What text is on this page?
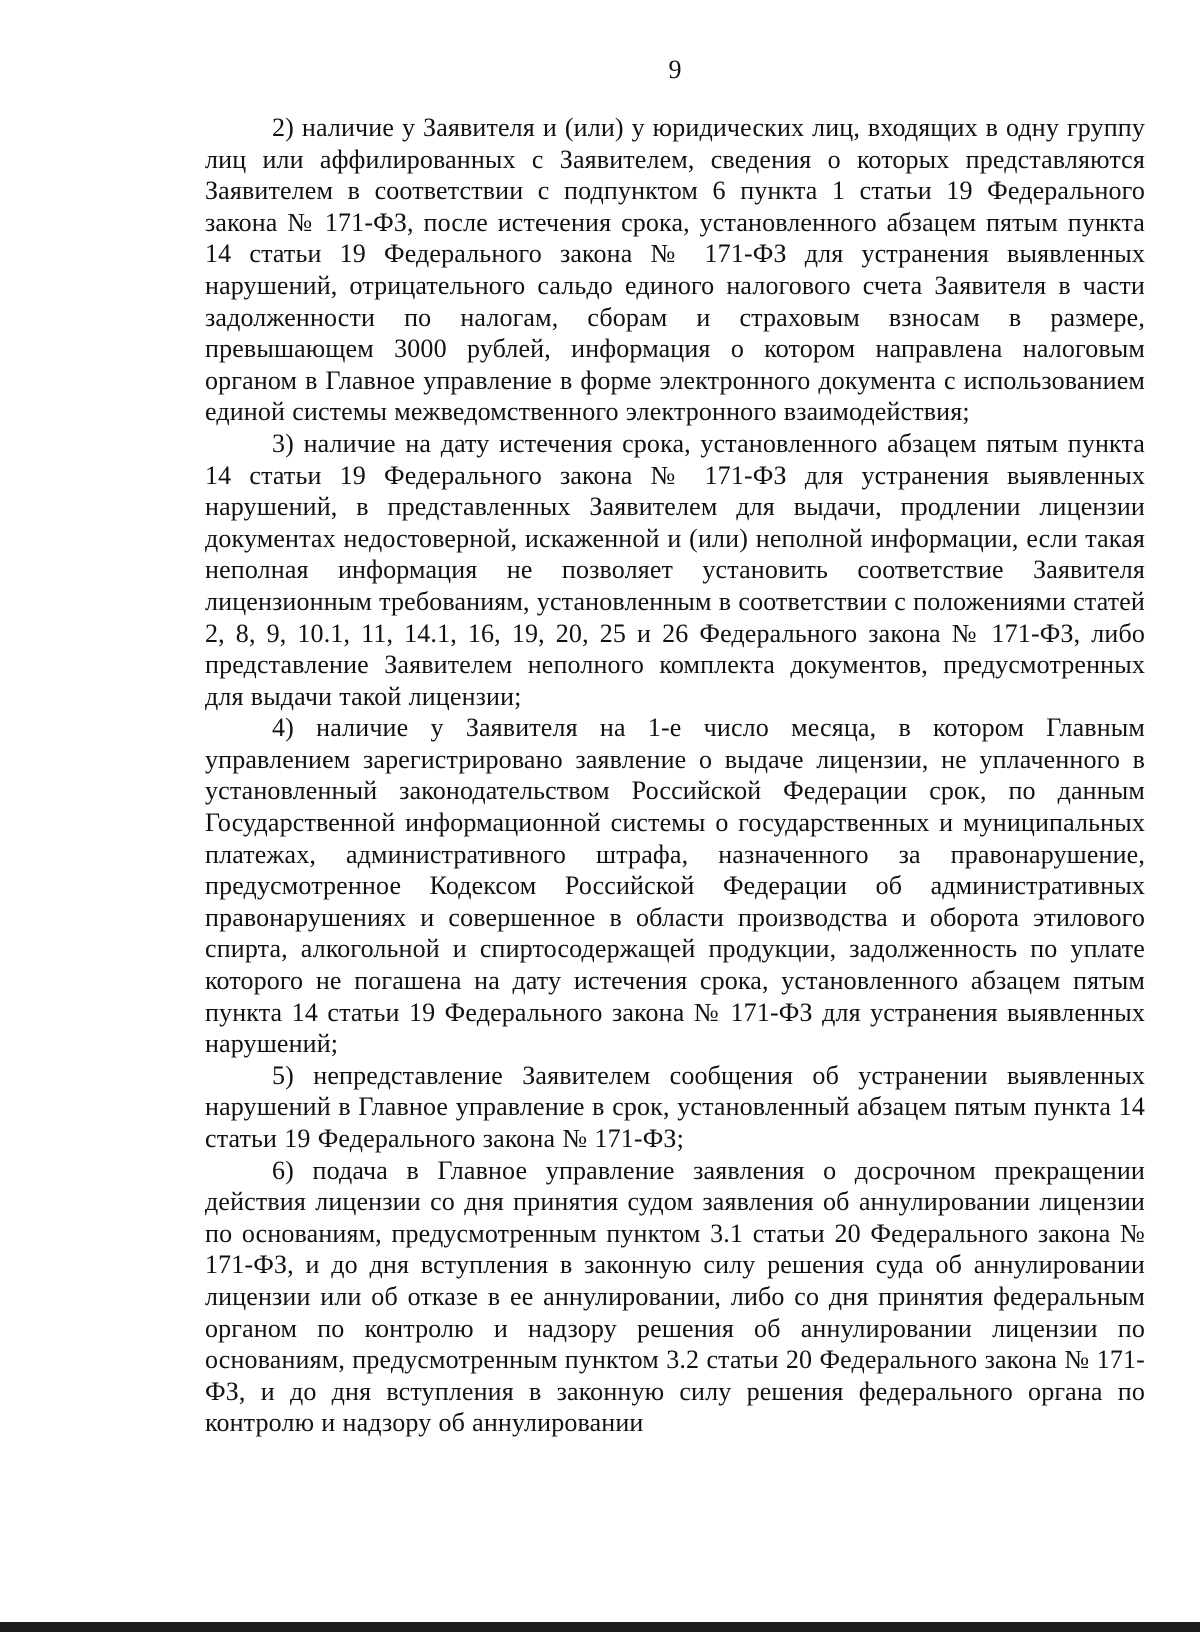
9

2) наличие у Заявителя и (или) у юридических лиц, входящих в одну группу лиц или аффилированных с Заявителем, сведения о которых представляются Заявителем в соответствии с подпунктом 6 пункта 1 статьи 19 Федерального закона № 171-ФЗ, после истечения срока, установленного абзацем пятым пункта 14 статьи 19 Федерального закона № 171-ФЗ для устранения выявленных нарушений, отрицательного сальдо единого налогового счета Заявителя в части задолженности по налогам, сборам и страховым взносам в размере, превышающем 3000 рублей, информация о котором направлена налоговым органом в Главное управление в форме электронного документа с использованием единой системы межведомственного электронного взаимодействия;

3) наличие на дату истечения срока, установленного абзацем пятым пункта 14 статьи 19 Федерального закона № 171-ФЗ для устранения выявленных нарушений, в представленных Заявителем для выдачи, продлении лицензии документах недостоверной, искаженной и (или) неполной информации, если такая неполная информация не позволяет установить соответствие Заявителя лицензионным требованиям, установленным в соответствии с положениями статей 2, 8, 9, 10.1, 11, 14.1, 16, 19, 20, 25 и 26 Федерального закона № 171-ФЗ, либо представление Заявителем неполного комплекта документов, предусмотренных для выдачи такой лицензии;

4) наличие у Заявителя на 1-е число месяца, в котором Главным управлением зарегистрировано заявление о выдаче лицензии, не уплаченного в установленный законодательством Российской Федерации срок, по данным Государственной информационной системы о государственных и муниципальных платежах, административного штрафа, назначенного за правонарушение, предусмотренное Кодексом Российской Федерации об административных правонарушениях и совершенное в области производства и оборота этилового спирта, алкогольной и спиртосодержащей продукции, задолженность по уплате которого не погашена на дату истечения срока, установленного абзацем пятым пункта 14 статьи 19 Федерального закона № 171-ФЗ для устранения выявленных нарушений;

5) непредставление Заявителем сообщения об устранении выявленных нарушений в Главное управление в срок, установленный абзацем пятым пункта 14 статьи 19 Федерального закона № 171-ФЗ;

6) подача в Главное управление заявления о досрочном прекращении действия лицензии со дня принятия судом заявления об аннулировании лицензии по основаниям, предусмотренным пунктом 3.1 статьи 20 Федерального закона № 171-ФЗ, и до дня вступления в законную силу решения суда об аннулировании лицензии или об отказе в ее аннулировании, либо со дня принятия федеральным органом по контролю и надзору решения об аннулировании лицензии по основаниям, предусмотренным пунктом 3.2 статьи 20 Федерального закона № 171-ФЗ, и до дня вступления в законную силу решения федерального органа по контролю и надзору об аннулировании
